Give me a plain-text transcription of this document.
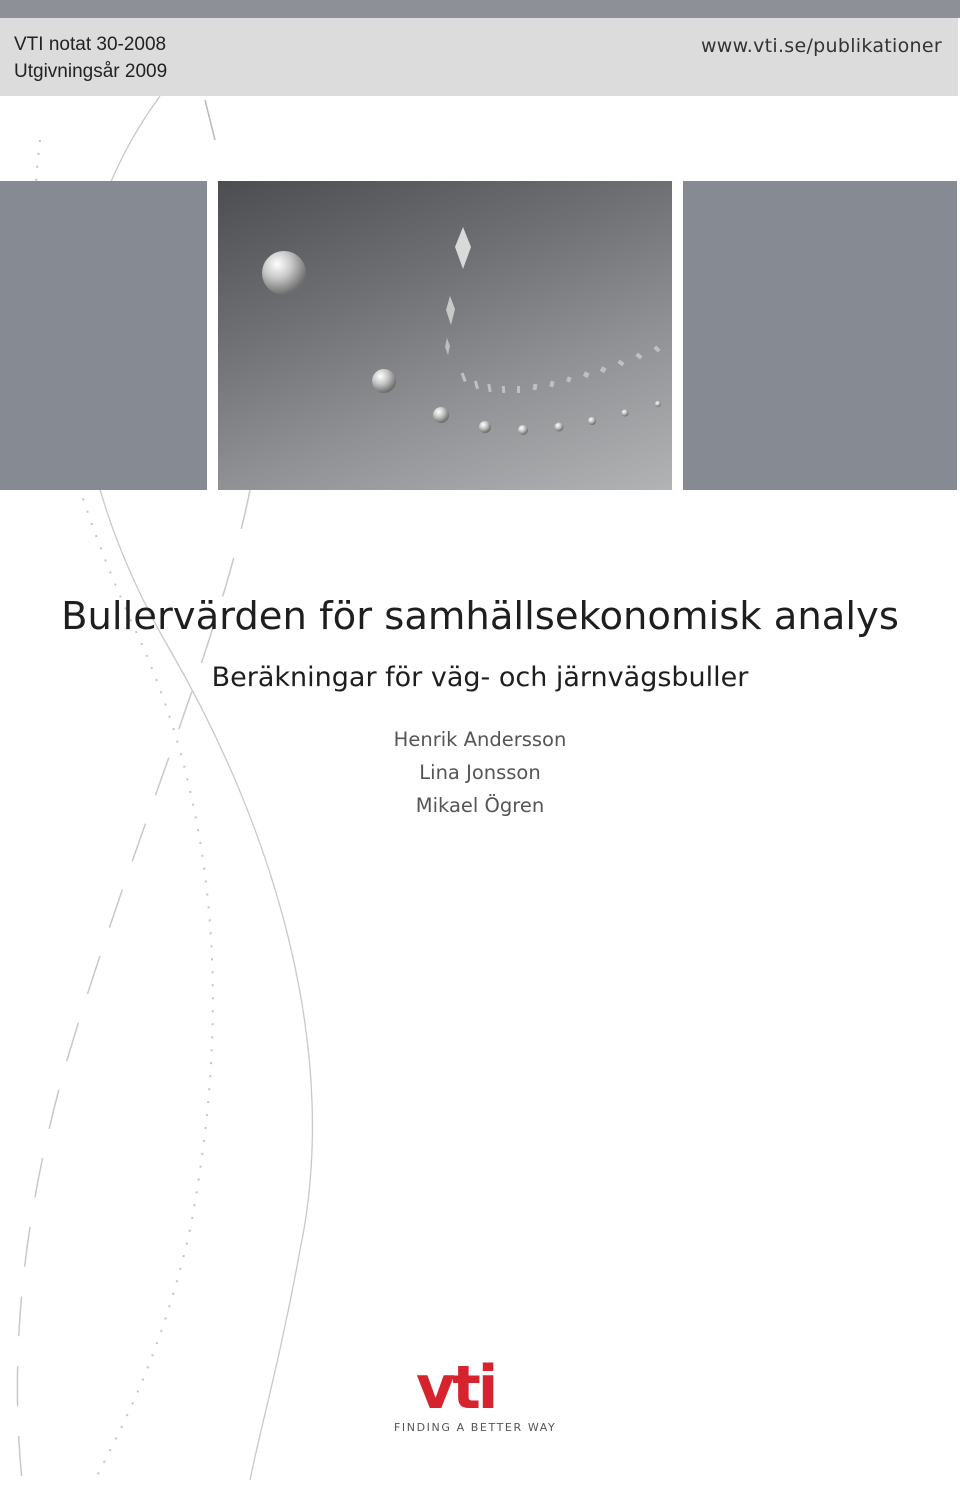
VTI notat 30-2008
Utgivningsår 2009
www.vti.se/publikationer
Bullervärden för samhällsekonomisk analys
Beräkningar för väg- och järnvägsbuller
Henrik Andersson
Lina Jonsson
Mikael Ögren
vti
FINDING A BETTER WAY
